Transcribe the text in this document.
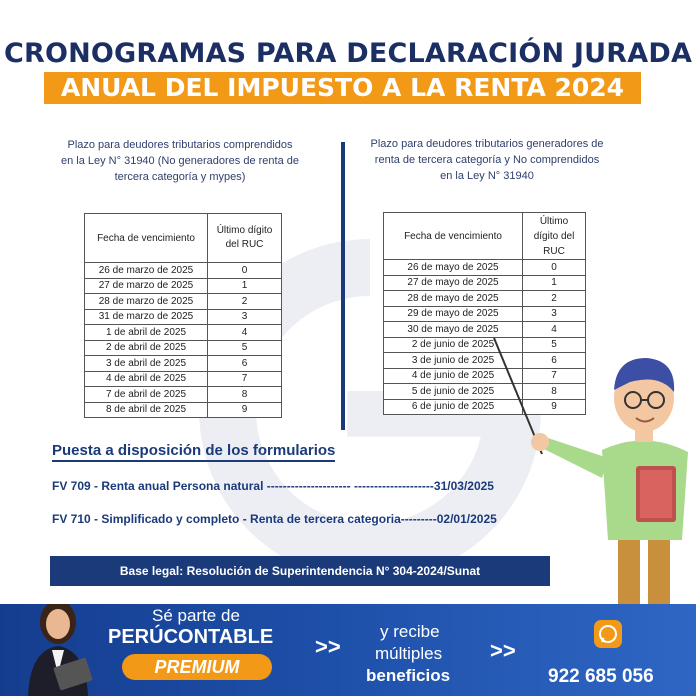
CRONOGRAMAS PARA DECLARACIÓN JURADA
ANUAL DEL IMPUESTO A LA RENTA 2024
Plazo para deudores tributarios comprendidos
en la Ley N° 31940 (No generadores de renta de
tercera categoría y mypes)
Plazo para deudores tributarios generadores de
renta de tercera categoría y No comprendidos
en la Ley N° 31940
Fecha de vencimiento	Último dígito
del RUC

26 de marzo de 2025	0
27 de marzo de 2025	1
28 de marzo de 2025	2
31 de marzo de 2025	3
1 de abril de 2025	4
2 de abril de 2025	5
3 de abril de 2025	6
4 de abril de 2025	7
7 de abril de 2025	8
8 de abril de 2025	9
Fecha de vencimiento	Último
dígito del
RUC

26 de mayo de 2025	0
27 de mayo de 2025	1
28 de mayo de 2025	2
29 de mayo de 2025	3
30 de mayo de 2025	4
2 de junio de 2025	5
3 de junio de 2025	6
4 de junio de 2025	7
5 de junio de 2025	8
6 de junio de 2025	9
Puesta a disposición de los formularios
FV 709 - Renta anual Persona natural --------------------- --------------------31/03/2025
FV 710 - Simplificado y completo - Renta de tercera categoria---------02/01/2025
Base legal: Resolución de Superintendencia N° 304-2024/Sunat
Sé parte de
PERÚCONTABLE
PREMIUM
>>
y recibe
múltiples
beneficios
>>
922 685 056
